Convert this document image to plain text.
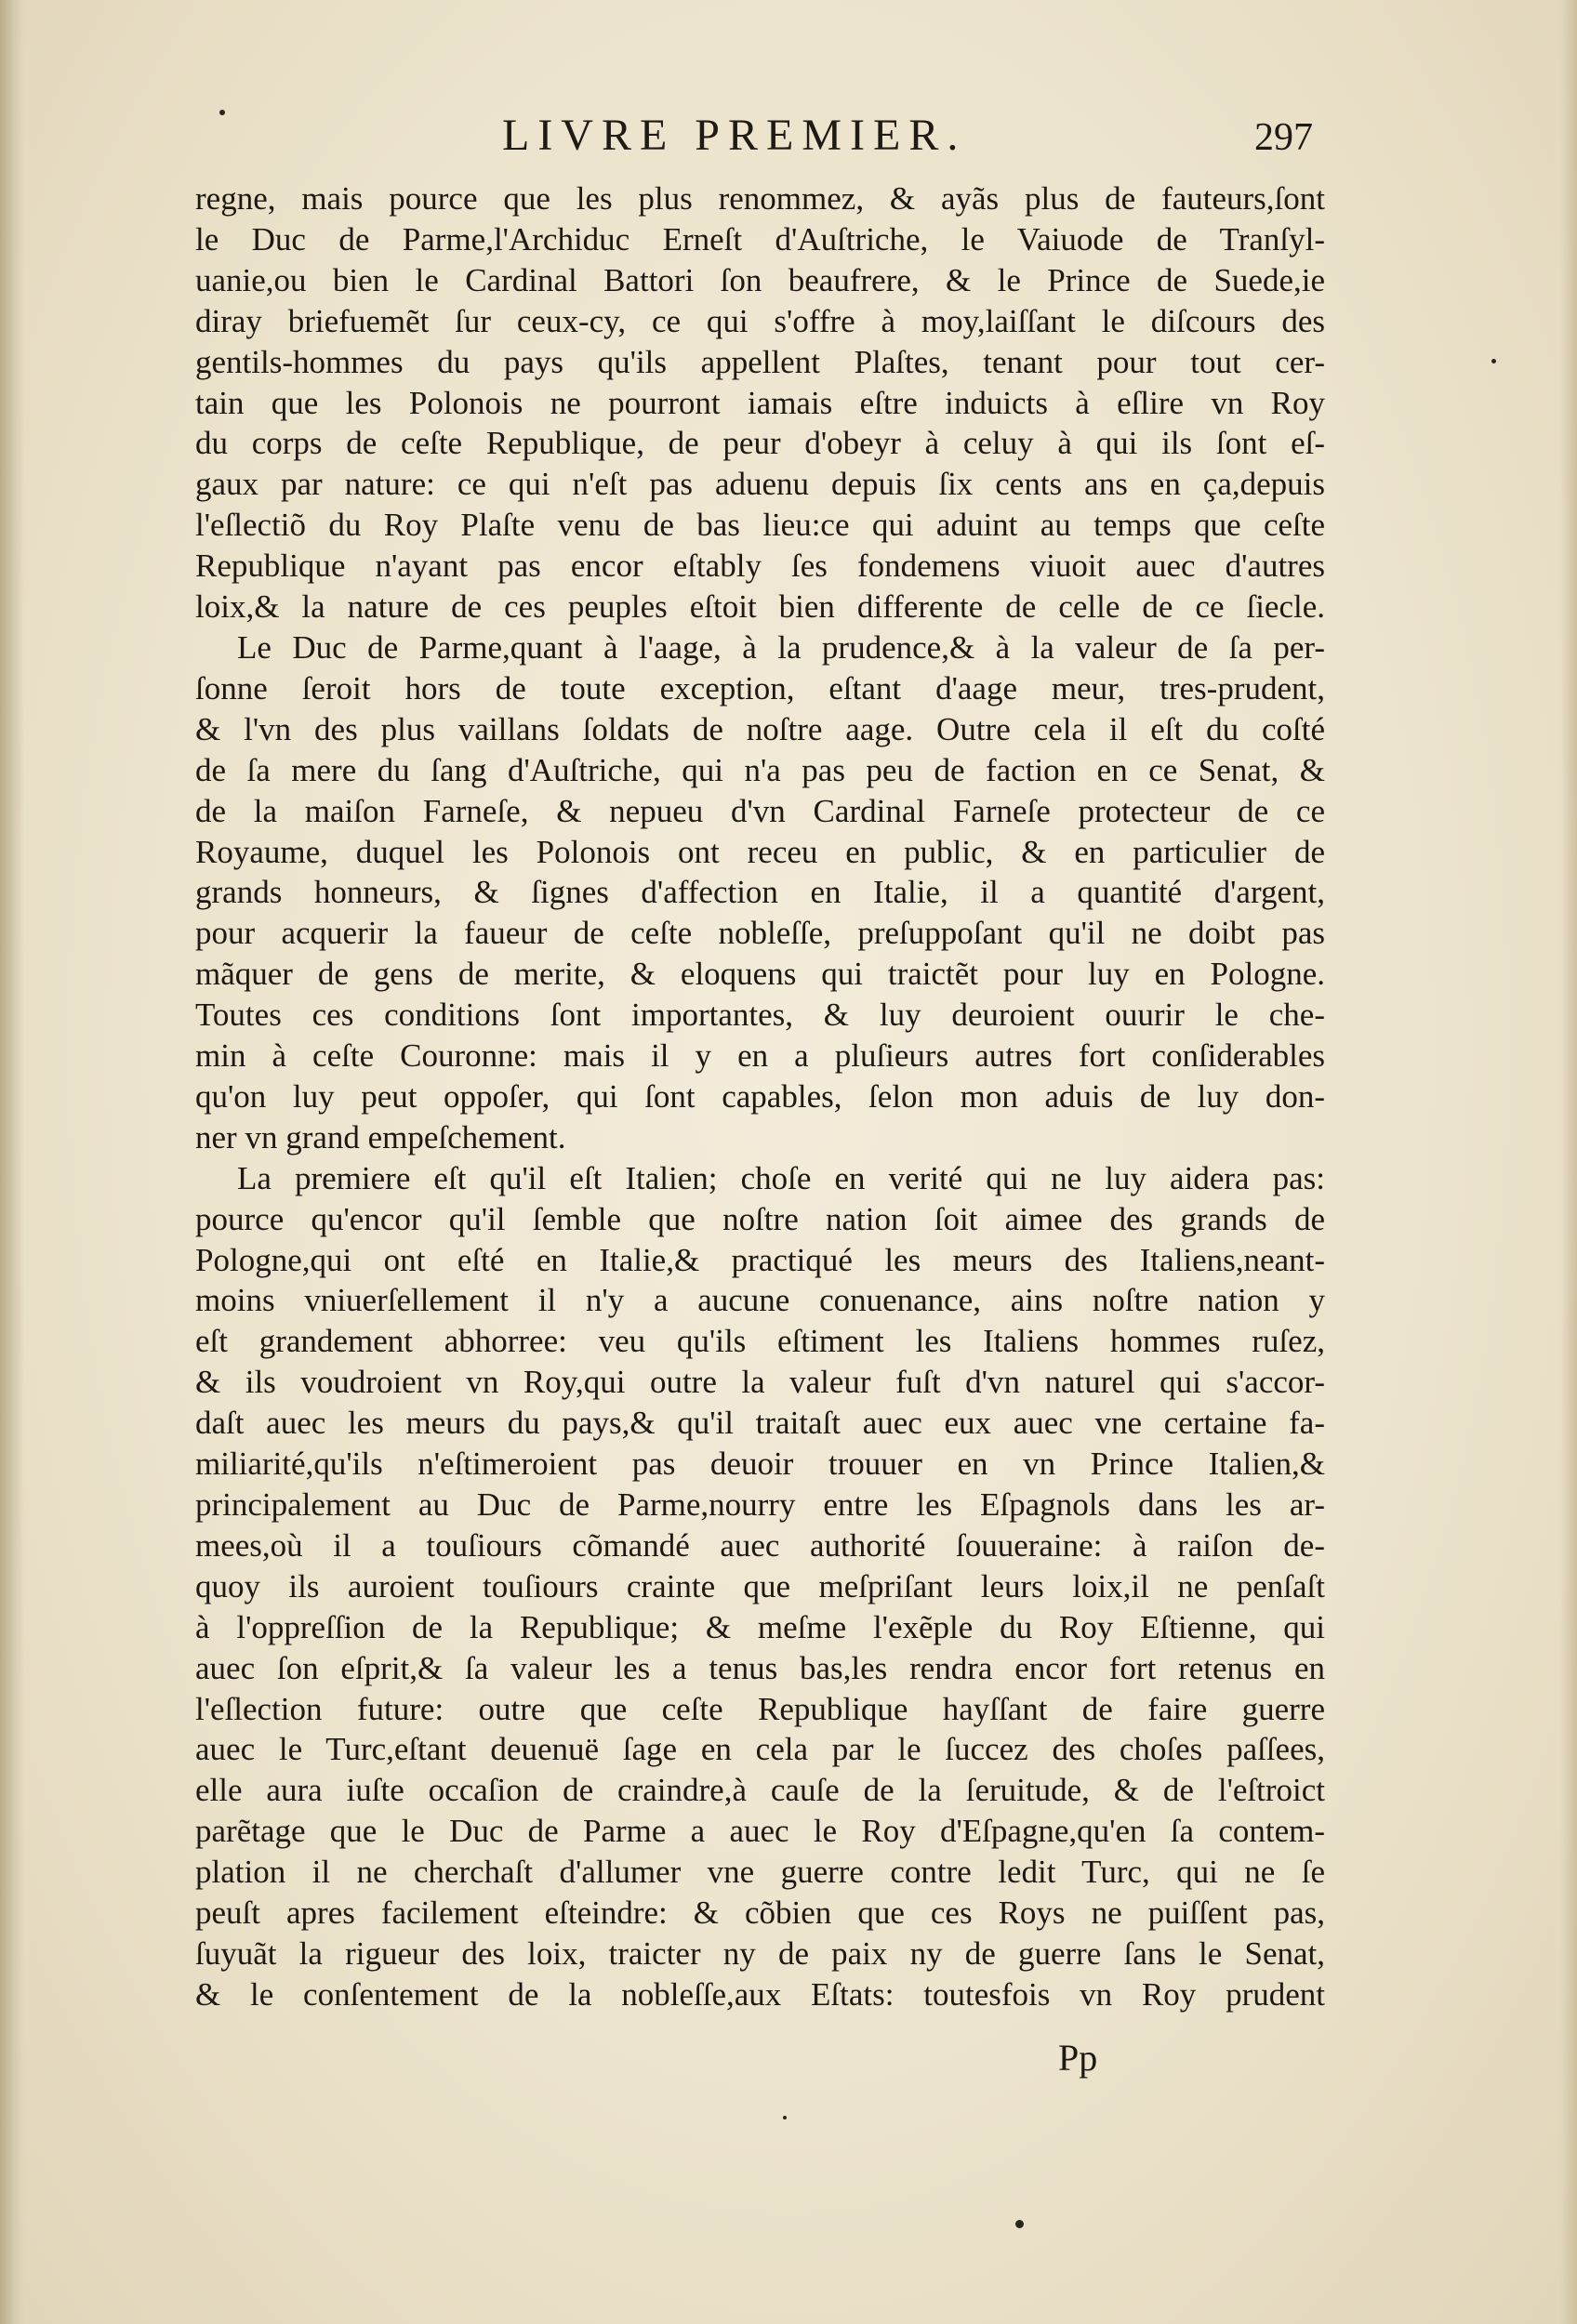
LIVRE PREMIER.	297
regne, mais pource que les plus renommez, & ayãs plus de fauteurs,ſont
le Duc de Parme,l'Archiduc Erneſt d'Auſtriche, le Vaiuode de Tranſyl-
uanie,ou bien le Cardinal Battori ſon beaufrere, & le Prince de Suede,ie
diray briefuemẽt ſur ceux-cy, ce qui s'offre à moy,laiſſant le diſcours des
gentils-hommes du pays qu'ils appellent Plaſtes, tenant pour tout cer-
tain que les Polonois ne pourront iamais eſtre induicts à eſlire vn Roy
du corps de ceſte Republique, de peur d'obeyr à celuy à qui ils ſont eſ-
gaux par nature: ce qui n'eſt pas aduenu depuis ſix cents ans en ça,depuis
l'eſlectiõ du Roy Plaſte venu de bas lieu:ce qui aduint au temps que ceſte
Republique n'ayant pas encor eſtably ſes fondemens viuoit auec d'autres
loix,& la nature de ces peuples eſtoit bien differente de celle de ce ſiecle.
Le Duc de Parme,quant à l'aage, à la prudence,& à la valeur de ſa per-
ſonne ſeroit hors de toute exception, eſtant d'aage meur, tres-prudent,
& l'vn des plus vaillans ſoldats de noſtre aage. Outre cela il eſt du coſté
de ſa mere du ſang d'Auſtriche, qui n'a pas peu de faction en ce Senat, &
de la maiſon Farneſe, & nepueu d'vn Cardinal Farneſe protecteur de ce
Royaume, duquel les Polonois ont receu en public, & en particulier de
grands honneurs, & ſignes d'affection en Italie, il a quantité d'argent,
pour acquerir la faueur de ceſte nobleſſe, preſuppoſant qu'il ne doibt pas
mãquer de gens de merite, & eloquens qui traictẽt pour luy en Pologne.
Toutes ces conditions ſont importantes, & luy deuroient ouurir le che-
min à ceſte Couronne: mais il y en a pluſieurs autres fort conſiderables
qu'on luy peut oppoſer, qui ſont capables, ſelon mon aduis de luy don-
ner vn grand empeſchement.
La premiere eſt qu'il eſt Italien; choſe en verité qui ne luy aidera pas:
pource qu'encor qu'il ſemble que noſtre nation ſoit aimee des grands de
Pologne,qui ont eſté en Italie,& practiqué les meurs des Italiens,neant-
moins vniuerſellement il n'y a aucune conuenance, ains noſtre nation y
eſt grandement abhorree: veu qu'ils eſtiment les Italiens hommes ruſez,
& ils voudroient vn Roy,qui outre la valeur fuſt d'vn naturel qui s'accor-
daſt auec les meurs du pays,& qu'il traitaſt auec eux auec vne certaine fa-
miliarité,qu'ils n'eſtimeroient pas deuoir trouuer en vn Prince Italien,&
principalement au Duc de Parme,nourry entre les Eſpagnols dans les ar-
mees,où il a touſiours cõmandé auec authorité ſouueraine: à raiſon de-
quoy ils auroient touſiours crainte que meſpriſant leurs loix,il ne penſaſt
à l'oppreſſion de la Republique; & meſme l'exẽple du Roy Eſtienne, qui
auec ſon eſprit,& ſa valeur les a tenus bas,les rendra encor fort retenus en
l'eſlection future: outre que ceſte Republique hayſſant de faire guerre
auec le Turc,eſtant deuenuë ſage en cela par le ſuccez des choſes paſſees,
elle aura iuſte occaſion de craindre,à cauſe de la ſeruitude, & de l'eſtroict
parẽtage que le Duc de Parme a auec le Roy d'Eſpagne,qu'en ſa contem-
plation il ne cherchaſt d'allumer vne guerre contre ledit Turc, qui ne ſe
peuſt apres facilement eſteindre: & cõbien que ces Roys ne puiſſent pas,
ſuyuãt la rigueur des loix, traicter ny de paix ny de guerre ſans le Senat,
& le conſentement de la nobleſſe,aux Eſtats: toutesfois vn Roy prudent
Pp
